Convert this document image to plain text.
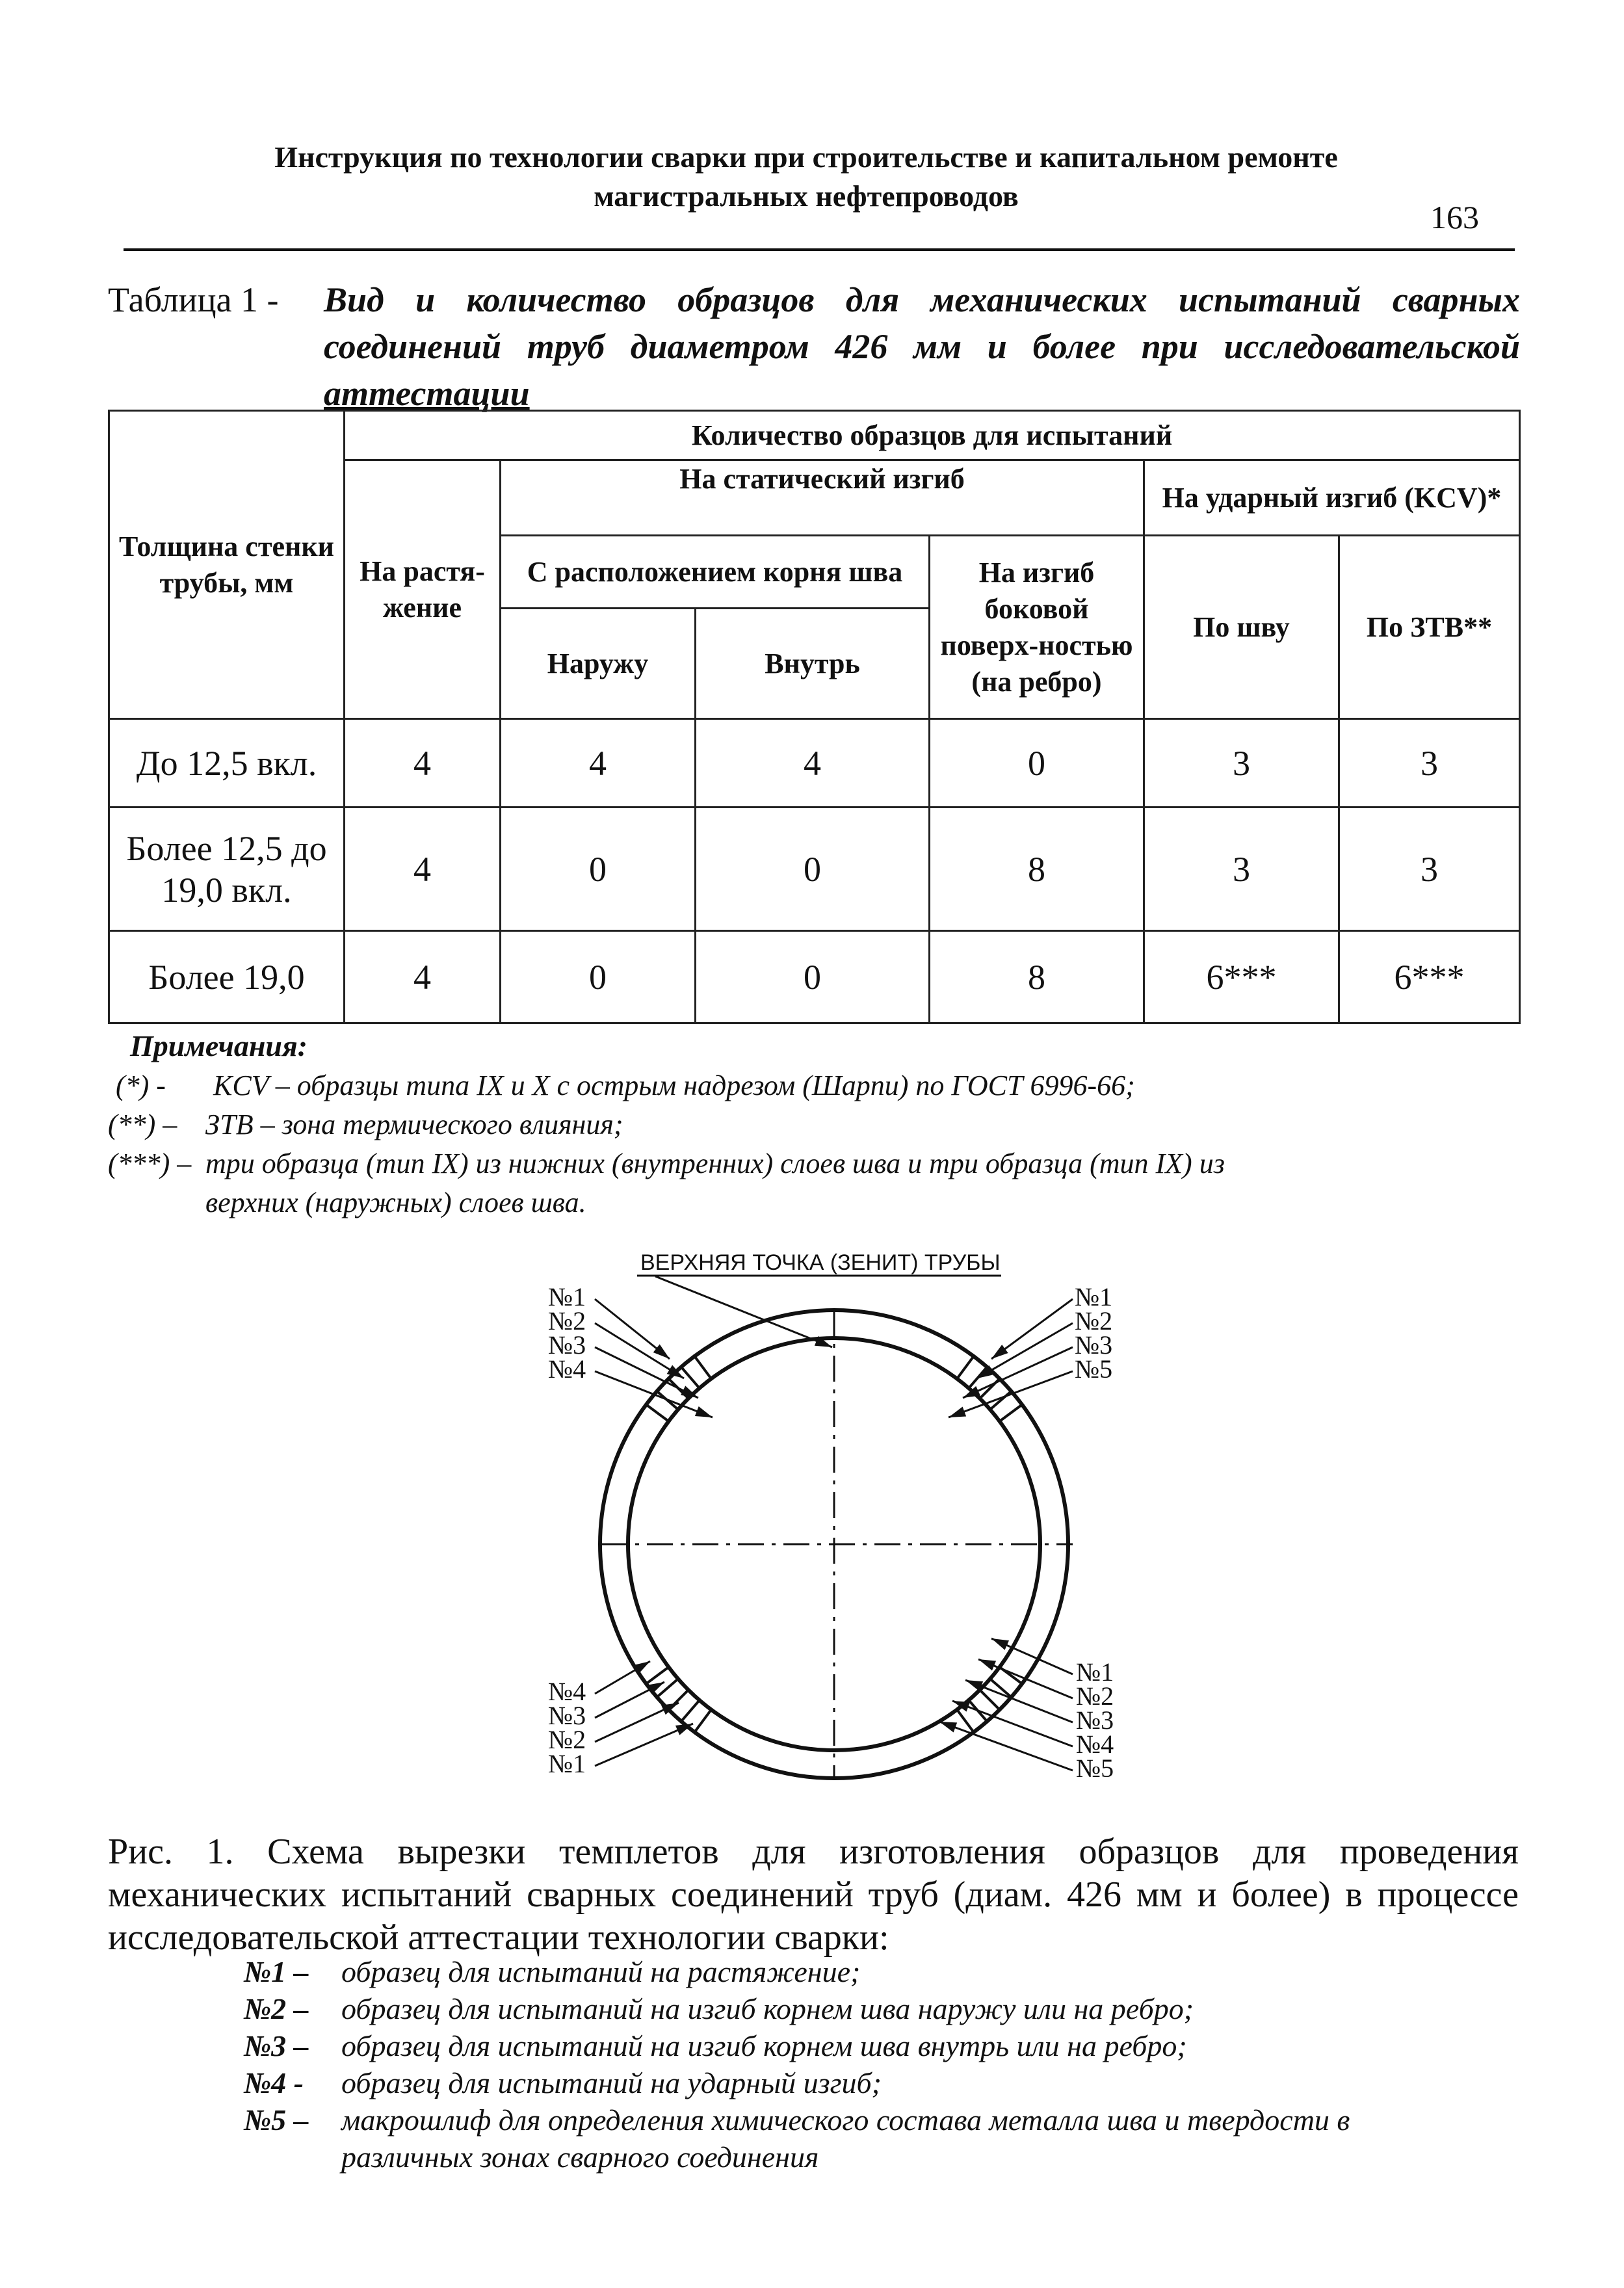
Инструкция по технологии сварки при строительстве и капитальном ремонте
магистральных нефтепроводов
163
Таблица 1 - Вид и количество образцов для механических испытаний сварных
соединений труб диаметром 426 мм и более при исследовательской
аттестации
Толщина стенки трубы, мм	Количество образцов для испытаний					
	На растя-жение	На статический изгиб			На ударный изгиб (KCV)*	
		С расположением корня шва		На изгиб боковой поверх-ностью (на ребро)	По шву	По ЗТВ**
		Наружу	Внутрь			
До 12,5 вкл.	4	4	4	0	3	3
Более 12,5 до 19,0 вкл.	4	0	0	8	3	3
Более 19,0	4	0	0	8	6***	6***
Примечания:
(*) - KCV – образцы типа IX и X с острым надрезом (Шарпи) по ГОСТ 6996-66;
(**) – ЗТВ – зона термического влияния;
(***) – три образца (тип IX) из нижних (внутренних) слоев шва и три образца (тип IX) из
верхних (наружных) слоев шва.
ВЕРХНЯЯ ТОЧКА (ЗЕНИТ) ТРУБЫ
№1
№2
№3
№4
№1
№2
№3
№5
№4
№3
№2
№1
№1
№2
№3
№4
№5
Рис. 1. Схема вырезки темплетов для изготовления образцов для проведения механических испытаний сварных соединений труб (диам. 426 мм и более) в процессе исследовательской аттестации технологии сварки:
№1 – образец для испытаний на растяжение;
№2 – образец для испытаний на изгиб корнем шва наружу или на ребро;
№3 – образец для испытаний на изгиб корнем шва внутрь или на ребро;
№4 - образец для испытаний на ударный изгиб;
№5 – макрошлиф для определения химического состава металла шва и твердости в
различных зонах сварного соединения
